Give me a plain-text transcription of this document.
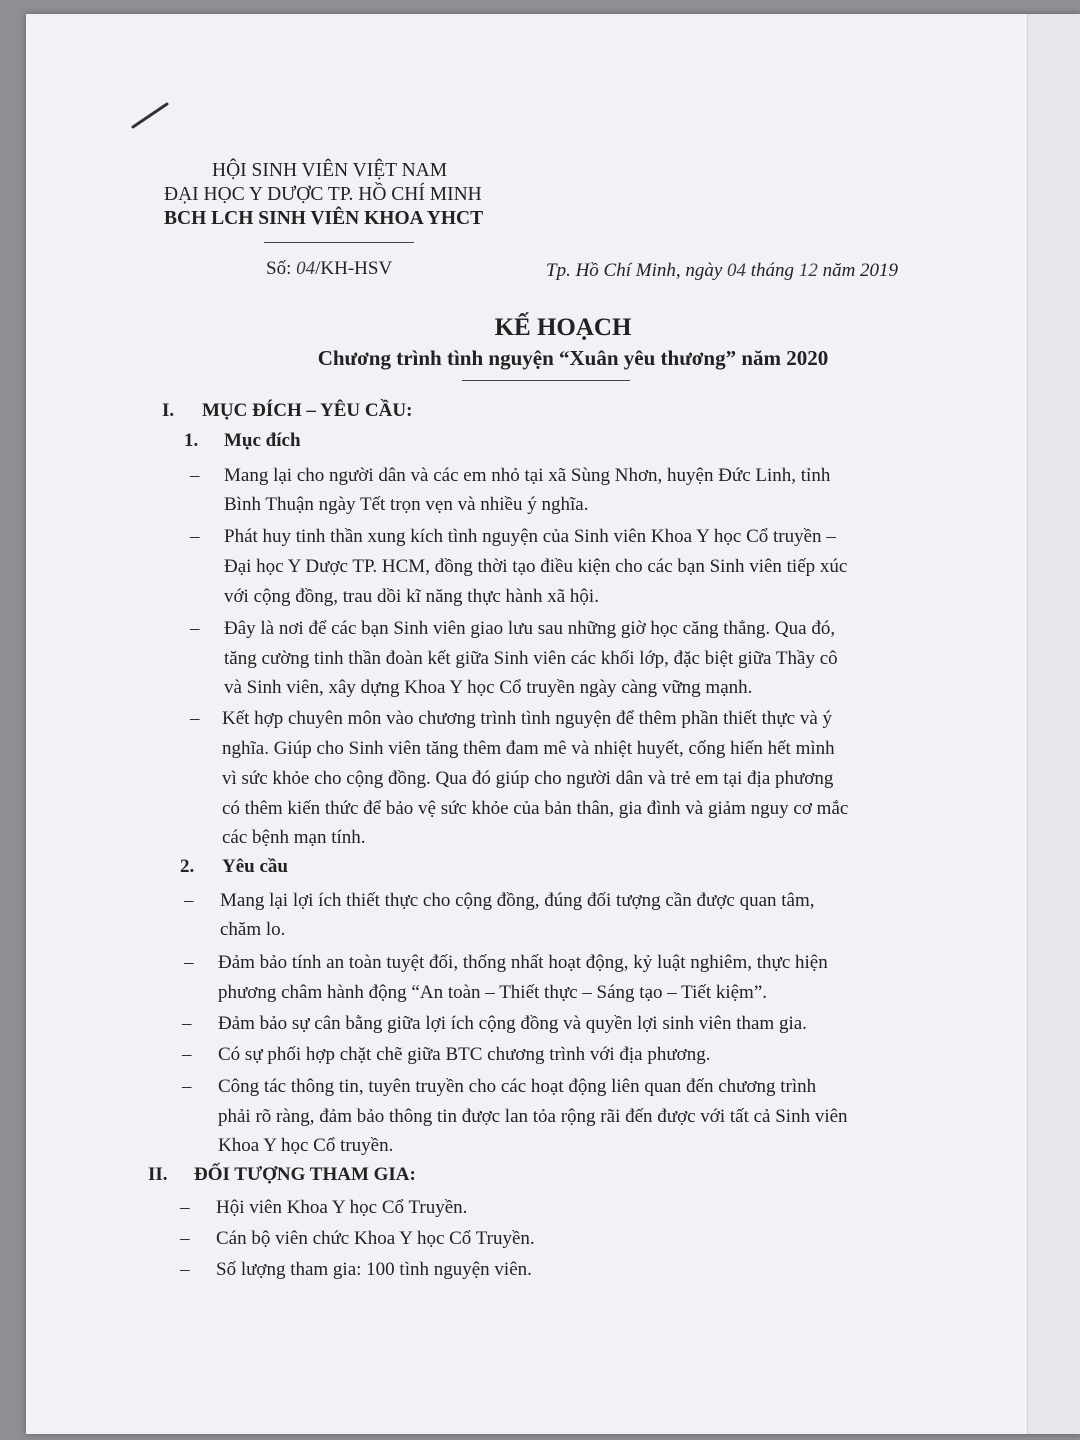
HỘI SINH VIÊN VIỆT NAM
ĐẠI HỌC Y DƯỢC TP. HỒ CHÍ MINH
BCH LCH SINH VIÊN KHOA YHCT
Số: 04/KH-HSV	Tp. Hồ Chí Minh, ngày 04 tháng 12 năm 2019
KẾ HOẠCH
Chương trình tình nguyện “Xuân yêu thương” năm 2020
I. MỤC ĐÍCH – YÊU CẦU:
1. Mục đích
– Mang lại cho người dân và các em nhỏ tại xã Sùng Nhơn, huyện Đức Linh, tỉnh
Bình Thuận ngày Tết trọn vẹn và nhiều ý nghĩa.
– Phát huy tinh thần xung kích tình nguyện của Sinh viên Khoa Y học Cổ truyền –
Đại học Y Dược TP. HCM, đồng thời tạo điều kiện cho các bạn Sinh viên tiếp xúc
với cộng đồng, trau dồi kĩ năng thực hành xã hội.
– Đây là nơi để các bạn Sinh viên giao lưu sau những giờ học căng thẳng. Qua đó,
tăng cường tinh thần đoàn kết giữa Sinh viên các khối lớp, đặc biệt giữa Thầy cô
và Sinh viên, xây dựng Khoa Y học Cổ truyền ngày càng vững mạnh.
– Kết hợp chuyên môn vào chương trình tình nguyện để thêm phần thiết thực và ý
nghĩa. Giúp cho Sinh viên tăng thêm đam mê và nhiệt huyết, cống hiến hết mình
vì sức khỏe cho cộng đồng. Qua đó giúp cho người dân và trẻ em tại địa phương
có thêm kiến thức để bảo vệ sức khỏe của bản thân, gia đình và giảm nguy cơ mắc
các bệnh mạn tính.
2. Yêu cầu
– Mang lại lợi ích thiết thực cho cộng đồng, đúng đối tượng cần được quan tâm,
chăm lo.
– Đảm bảo tính an toàn tuyệt đối, thống nhất hoạt động, kỷ luật nghiêm, thực hiện
phương châm hành động “An toàn – Thiết thực – Sáng tạo – Tiết kiệm”.
– Đảm bảo sự cân bằng giữa lợi ích cộng đồng và quyền lợi sinh viên tham gia.
– Có sự phối hợp chặt chẽ giữa BTC chương trình với địa phương.
– Công tác thông tin, tuyên truyền cho các hoạt động liên quan đến chương trình
phải rõ ràng, đảm bảo thông tin được lan tỏa rộng rãi đến được với tất cả Sinh viên
Khoa Y học Cổ truyền.
II. ĐỐI TƯỢNG THAM GIA:
– Hội viên Khoa Y học Cổ Truyền.
– Cán bộ viên chức Khoa Y học Cổ Truyền.
– Số lượng tham gia: 100 tình nguyện viên.
